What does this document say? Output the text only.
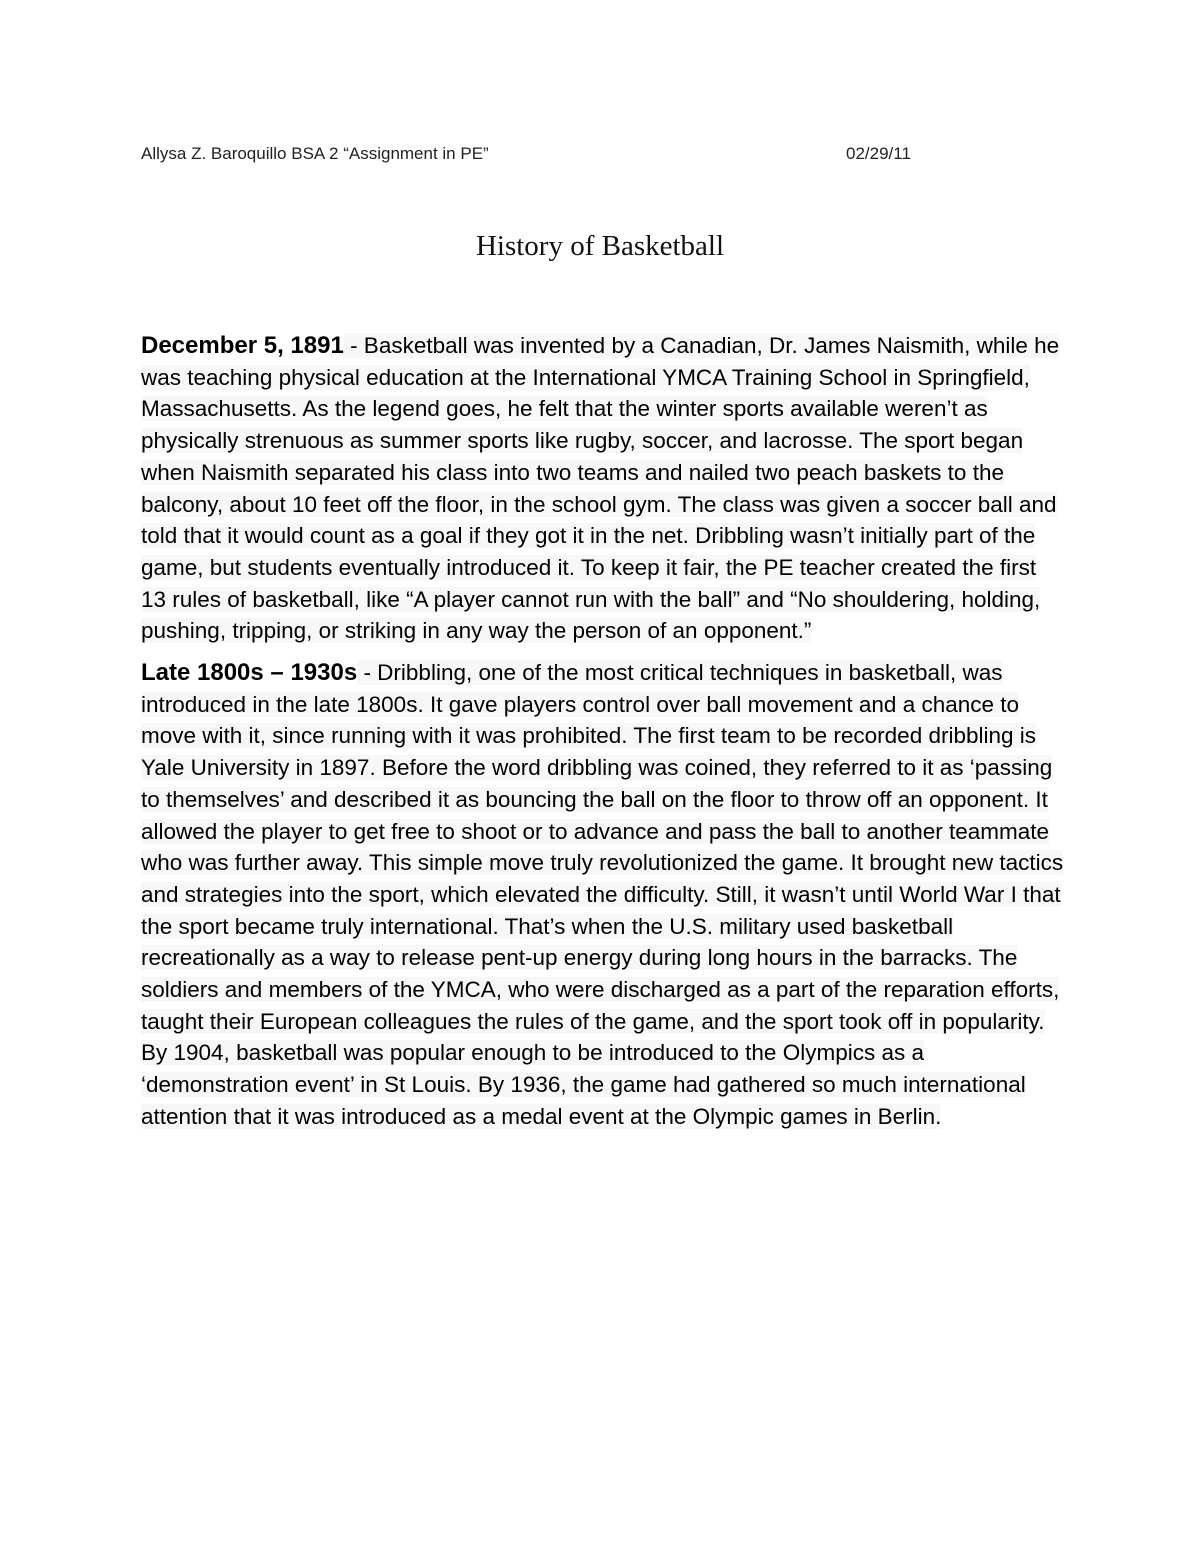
Allysa Z. Baroquillo BSA 2 “Assignment in PE”	02/29/11
History of Basketball

December 5, 1891 - Basketball was invented by a Canadian, Dr. James Naismith, while he was teaching physical education at the International YMCA Training School in Springfield, Massachusetts. As the legend goes, he felt that the winter sports available weren’t as physically strenuous as summer sports like rugby, soccer, and lacrosse. The sport began when Naismith separated his class into two teams and nailed two peach baskets to the balcony, about 10 feet off the floor, in the school gym. The class was given a soccer ball and told that it would count as a goal if they got it in the net. Dribbling wasn’t initially part of the game, but students eventually introduced it. To keep it fair, the PE teacher created the first 13 rules of basketball, like “A player cannot run with the ball” and “No shouldering, holding, pushing, tripping, or striking in any way the person of an opponent.”

Late 1800s – 1930s - Dribbling, one of the most critical techniques in basketball, was introduced in the late 1800s. It gave players control over ball movement and a chance to move with it, since running with it was prohibited. The first team to be recorded dribbling is Yale University in 1897. Before the word dribbling was coined, they referred to it as ‘passing to themselves’ and described it as bouncing the ball on the floor to throw off an opponent. It allowed the player to get free to shoot or to advance and pass the ball to another teammate who was further away. This simple move truly revolutionized the game. It brought new tactics and strategies into the sport, which elevated the difficulty. Still, it wasn’t until World War I that the sport became truly international. That’s when the U.S. military used basketball recreationally as a way to release pent-up energy during long hours in the barracks. The soldiers and members of the YMCA, who were discharged as a part of the reparation efforts, taught their European colleagues the rules of the game, and the sport took off in popularity. By 1904, basketball was popular enough to be introduced to the Olympics as a ‘demonstration event’ in St Louis. By 1936, the game had gathered so much international attention that it was introduced as a medal event at the Olympic games in Berlin.
